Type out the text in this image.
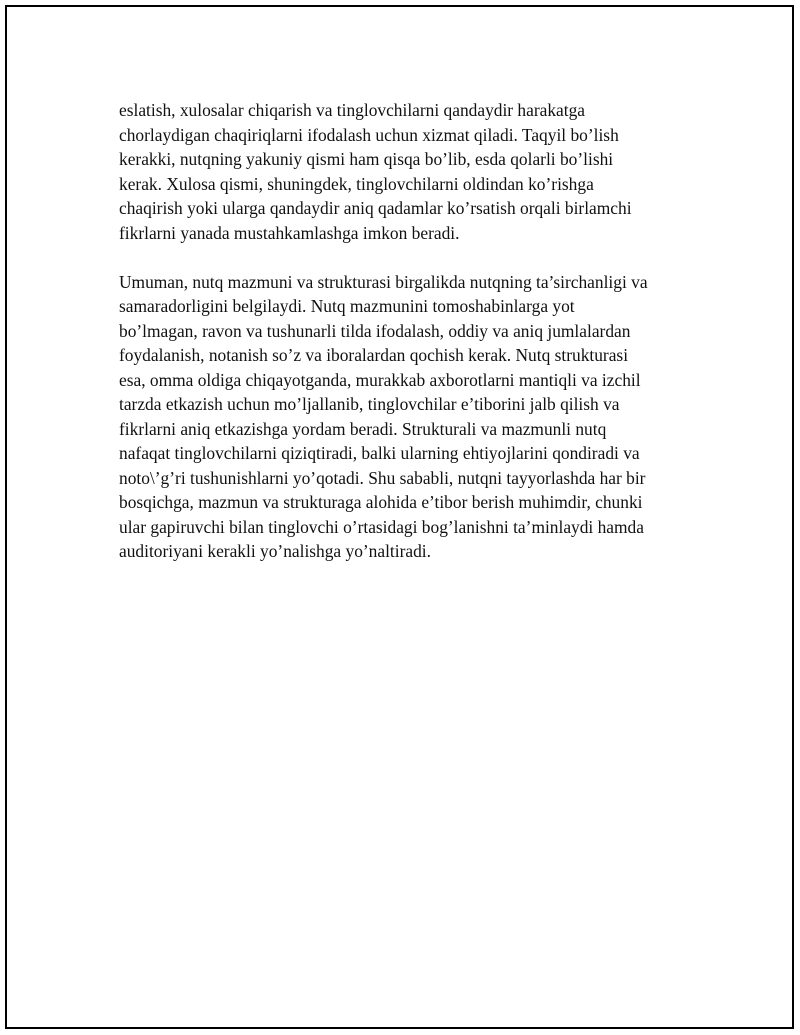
eslatish, xulosalar chiqarish va tinglovchilarni qandaydir harakatga
chorlaydigan chaqiriqlarni ifodalash uchun xizmat qiladi. Taqyil bo’lish
kerakki, nutqning yakuniy qismi ham qisqa bo’lib, esda qolarli bo’lishi
kerak. Xulosa qismi, shuningdek, tinglovchilarni oldindan ko’rishga
chaqirish yoki ularga qandaydir aniq qadamlar ko’rsatish orqali birlamchi
fikrlarni yanada mustahkamlashga imkon beradi.

Umuman, nutq mazmuni va strukturasi birgalikda nutqning ta’sirchanligi va
samaradorligini belgilaydi. Nutq mazmunini tomoshabinlarga yot
bo’lmagan, ravon va tushunarli tilda ifodalash, oddiy va aniq jumlalardan
foydalanish, notanish so’z va iboralardan qochish kerak. Nutq strukturasi
esa, omma oldiga chiqayotganda, murakkab axborotlarni mantiqli va izchil
tarzda etkazish uchun mo’ljallanib, tinglovchilar e’tiborini jalb qilish va
fikrlarni aniq etkazishga yordam beradi. Strukturali va mazmunli nutq
nafaqat tinglovchilarni qiziqtiradi, balki ularning ehtiyojlarini qondiradi va
noto\’g’ri tushunishlarni yo’qotadi. Shu sababli, nutqni tayyorlashda har bir
bosqichga, mazmun va strukturaga alohida e’tibor berish muhimdir, chunki
ular gapiruvchi bilan tinglovchi o’rtasidagi bog’lanishni ta’minlaydi hamda
auditoriyani kerakli yo’nalishga yo’naltiradi.
